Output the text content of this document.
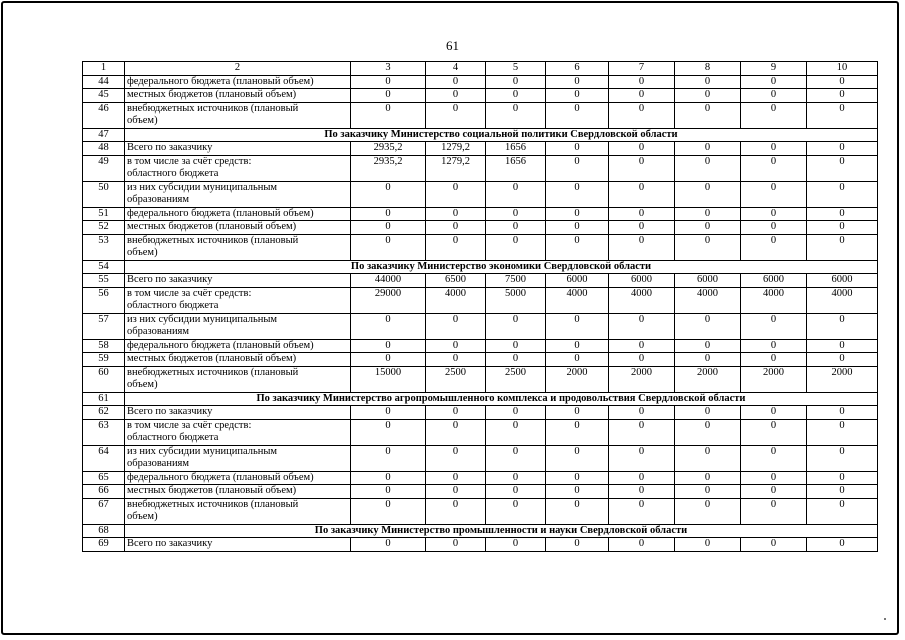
61
1	2	3	4	5	6	7	8	9	10
44	федерального бюджета (плановый объем)	0	0	0	0	0	0	0	0
45	местных бюджетов (плановый объем)	0	0	0	0	0	0	0	0
46	внебюджетных источников (плановый
объем)	0	0	0	0	0	0	0	0
47	По заказчику Министерство социальной политики Свердловской области								
48	Всего по заказчику	2935,2	1279,2	1656	0	0	0	0	0
49	в том числе за счёт средств:
областного бюджета	2935,2	1279,2	1656	0	0	0	0	0
50	из них субсидии муниципальным
образованиям	0	0	0	0	0	0	0	0
51	федерального бюджета (плановый объем)	0	0	0	0	0	0	0	0
52	местных бюджетов (плановый объем)	0	0	0	0	0	0	0	0
53	внебюджетных источников (плановый
объем)	0	0	0	0	0	0	0	0
54	По заказчику Министерство экономики Свердловской области								
55	Всего по заказчику	44000	6500	7500	6000	6000	6000	6000	6000
56	в том числе за счёт средств:
областного бюджета	29000	4000	5000	4000	4000	4000	4000	4000
57	из них субсидии муниципальным
образованиям	0	0	0	0	0	0	0	0
58	федерального бюджета (плановый объем)	0	0	0	0	0	0	0	0
59	местных бюджетов (плановый объем)	0	0	0	0	0	0	0	0
60	внебюджетных источников (плановый
объем)	15000	2500	2500	2000	2000	2000	2000	2000
61	По заказчику Министерство агропромышленного комплекса и продовольствия Свердловской области								
62	Всего по заказчику	0	0	0	0	0	0	0	0
63	в том числе за счёт средств:
областного бюджета	0	0	0	0	0	0	0	0
64	из них субсидии муниципальным
образованиям	0	0	0	0	0	0	0	0
65	федерального бюджета (плановый объем)	0	0	0	0	0	0	0	0
66	местных бюджетов (плановый объем)	0	0	0	0	0	0	0	0
67	внебюджетных источников (плановый
объем)	0	0	0	0	0	0	0	0
68	По заказчику Министерство промышленности и науки Свердловской области								
69	Всего по заказчику	0	0	0	0	0	0	0	0
